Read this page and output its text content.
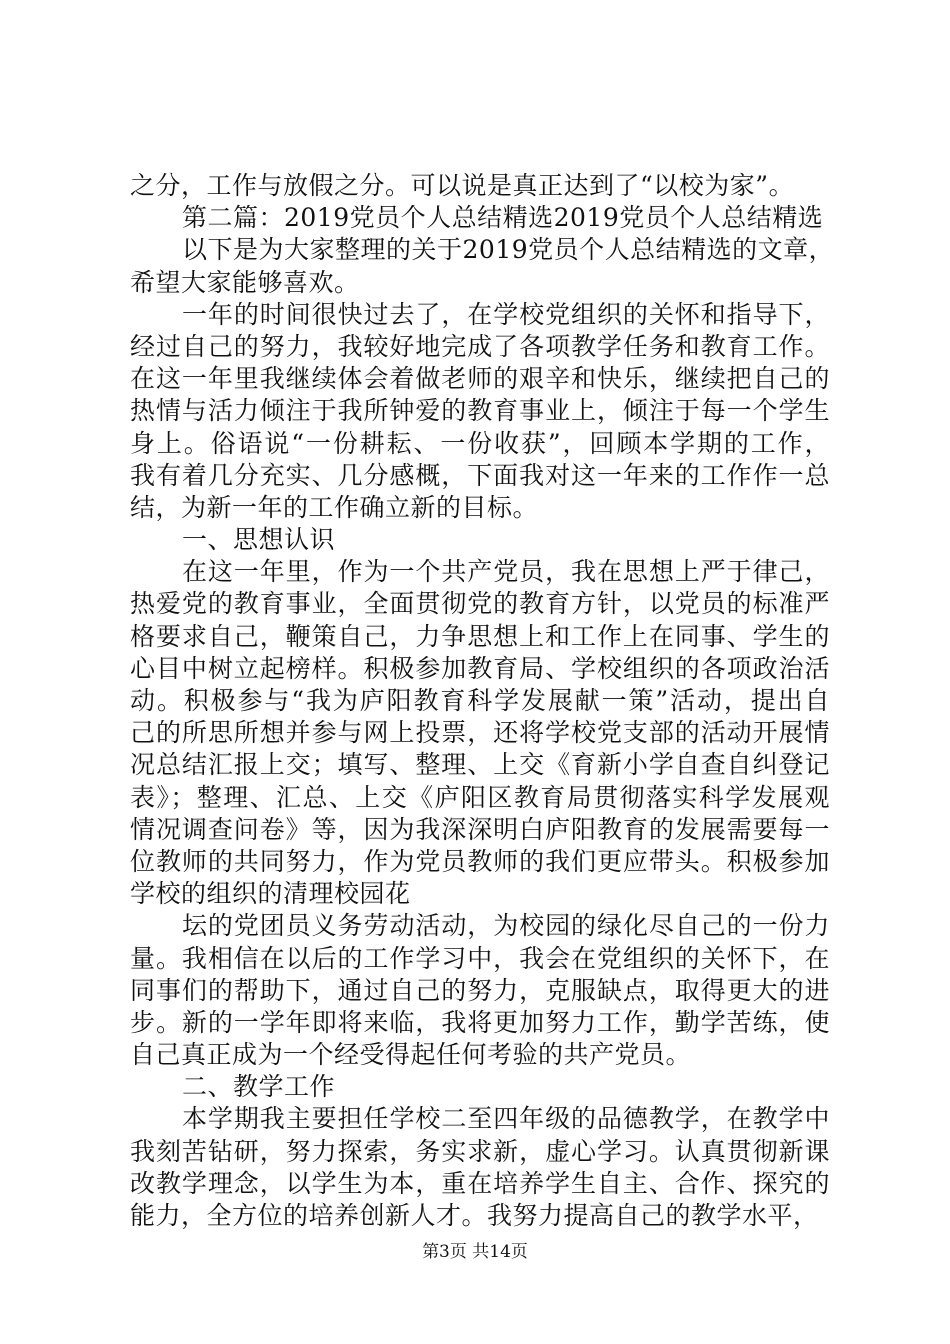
之分，工作与放假之分。可以说是真正达到了“以校为家”。
第二篇：2019党员个人总结精选2019党员个人总结精选
以下是为大家整理的关于2019党员个人总结精选的文章，
希望大家能够喜欢。
一年的时间很快过去了，在学校党组织的关怀和指导下，
经过自己的努力，我较好地完成了各项教学任务和教育工作。
在这一年里我继续体会着做老师的艰辛和快乐，继续把自己的
热情与活力倾注于我所钟爱的教育事业上，倾注于每一个学生
身上。俗语说“一份耕耘、一份收获”，回顾本学期的工作，
我有着几分充实、几分感概，下面我对这一年来的工作作一总
结，为新一年的工作确立新的目标。
一、思想认识
在这一年里，作为一个共产党员，我在思想上严于律己，
热爱党的教育事业，全面贯彻党的教育方针，以党员的标准严
格要求自己，鞭策自己，力争思想上和工作上在同事、学生的
心目中树立起榜样。积极参加教育局、学校组织的各项政治活
动。积极参与“我为庐阳教育科学发展献一策”活动，提出自
己的所思所想并参与网上投票，还将学校党支部的活动开展情
况总结汇报上交；填写、整理、上交《育新小学自查自纠登记
表》；整理、汇总、上交《庐阳区教育局贯彻落实科学发展观
情况调查问卷》等，因为我深深明白庐阳教育的发展需要每一
位教师的共同努力，作为党员教师的我们更应带头。积极参加
学校的组织的清理校园花
坛的党团员义务劳动活动，为校园的绿化尽自己的一份力
量。我相信在以后的工作学习中，我会在党组织的关怀下，在
同事们的帮助下，通过自己的努力，克服缺点，取得更大的进
步。新的一学年即将来临，我将更加努力工作，勤学苦练，使
自己真正成为一个经受得起任何考验的共产党员。
二、教学工作
本学期我主要担任学校二至四年级的品德教学，在教学中
我刻苦钻研，努力探索，务实求新，虚心学习。认真贯彻新课
改教学理念，以学生为本，重在培养学生自主、合作、探究的
能力，全方位的培养创新人才。我努力提高自己的教学水平，
第3页 共14页
